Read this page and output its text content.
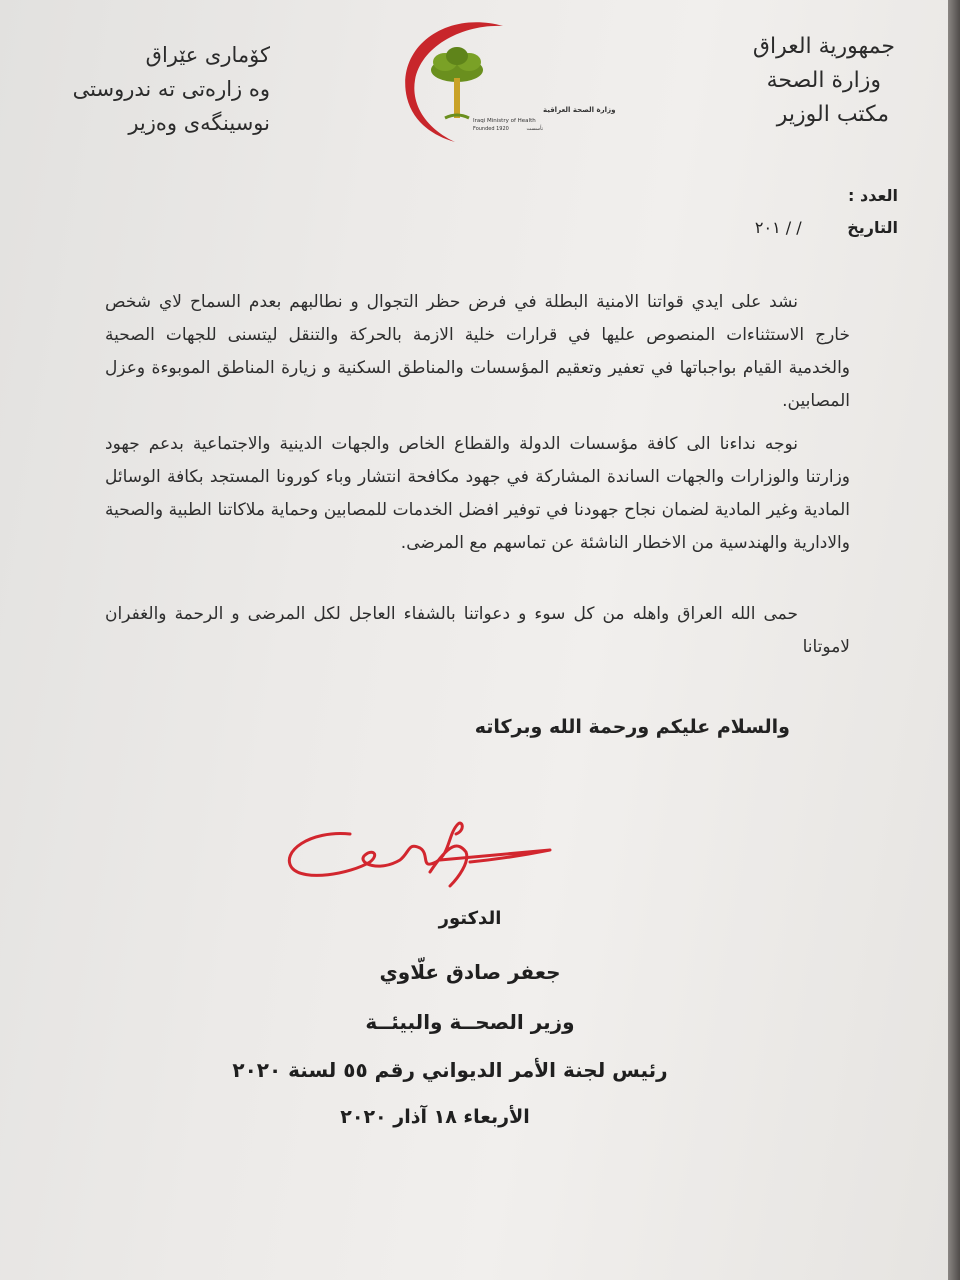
جمهورية العراق
وزارة الصحة
مكتب الوزير
كۆماری عێراق
وه زارەتی تە ندروستی
نوسینگەی وەزیر
وزارة الصحة العراقية
Iraqi Ministry of Health
Founded 1920	تأسست
العدد :
التاريخ / / ٢٠١

نشد على ايدي قواتنا الامنية البطلة في فرض حظر التجوال و نطالبهم بعدم السماح لاي شخص خارج الاستثناءات المنصوص عليها في قرارات خلية الازمة بالحركة والتنقل ليتسنى للجهات الصحية والخدمية القيام بواجباتها في تعفير وتعقيم المؤسسات والمناطق السكنية و زيارة المناطق الموبوءة وعزل المصابين.

نوجه نداءنا الى كافة مؤسسات الدولة والقطاع الخاص والجهات الدينية والاجتماعية بدعم جهود وزارتنا والوزارات والجهات الساندة المشاركة في جهود مكافحة انتشار وباء كورونا المستجد بكافة الوسائل المادية وغير المادية لضمان نجاح جهودنا في توفير افضل الخدمات للمصابين وحماية ملاكاتنا الطبية والصحية والادارية والهندسية من الاخطار الناشئة عن تماسهم مع المرضى.

حمى الله العراق واهله من كل سوء و دعواتنا بالشفاء العاجل لكل المرضى و الرحمة والغفران لاموتانا

والسلام عليكم ورحمة الله وبركاته
الدكتور
جعفر صادق علّاوي
وزير الصحــة والبيئــة
رئيس لجنة الأمر الديواني رقم ٥٥ لسنة ٢٠٢٠
الأربعاء ١٨ آذار ٢٠٢٠
